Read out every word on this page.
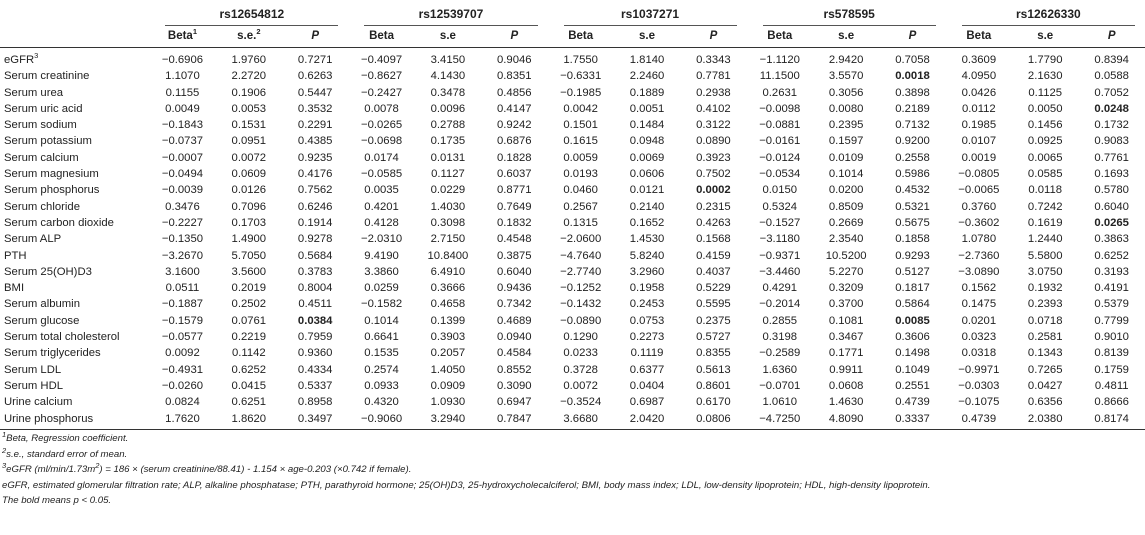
	rs12654812			rs12539707			rs1037271			rs578595			rs12626330		

	Beta$^1$	s.e.$^2$	P	Beta	s.e	P	Beta	s.e	P	Beta	s.e	P	Beta	s.e	P
eGFR$^3$	−0.6906	1.9760	0.7271	−0.4097	3.4150	0.9046	1.7550	1.8140	0.3343	−1.1120	2.9420	0.7058	0.3609	1.7790	0.8394
Serum creatinine	1.1070	2.2720	0.6263	−0.8627	4.1430	0.8351	−0.6331	2.2460	0.7781	11.1500	3.5570	0.0018	4.0950	2.1630	0.0588
Serum urea	0.1155	0.1906	0.5447	−0.2427	0.3478	0.4856	−0.1985	0.1889	0.2938	0.2631	0.3056	0.3898	0.0426	0.1125	0.7052
Serum uric acid	0.0049	0.0053	0.3532	0.0078	0.0096	0.4147	0.0042	0.0051	0.4102	−0.0098	0.0080	0.2189	0.0112	0.0050	0.0248
Serum sodium	−0.1843	0.1531	0.2291	−0.0265	0.2788	0.9242	0.1501	0.1484	0.3122	−0.0881	0.2395	0.7132	0.1985	0.1456	0.1732
Serum potassium	−0.0737	0.0951	0.4385	−0.0698	0.1735	0.6876	0.1615	0.0948	0.0890	−0.0161	0.1597	0.9200	0.0107	0.0925	0.9083
Serum calcium	−0.0007	0.0072	0.9235	0.0174	0.0131	0.1828	0.0059	0.0069	0.3923	−0.0124	0.0109	0.2558	0.0019	0.0065	0.7761
Serum magnesium	−0.0494	0.0609	0.4176	−0.0585	0.1127	0.6037	0.0193	0.0606	0.7502	−0.0534	0.1014	0.5986	−0.0805	0.0585	0.1693
Serum phosphorus	−0.0039	0.0126	0.7562	0.0035	0.0229	0.8771	0.0460	0.0121	0.0002	0.0150	0.0200	0.4532	−0.0065	0.0118	0.5780
Serum chloride	0.3476	0.7096	0.6246	0.4201	1.4030	0.7649	0.2567	0.2140	0.2315	0.5324	0.8509	0.5321	0.3760	0.7242	0.6040
Serum carbon dioxide	−0.2227	0.1703	0.1914	0.4128	0.3098	0.1832	0.1315	0.1652	0.4263	−0.1527	0.2669	0.5675	−0.3602	0.1619	0.0265
Serum ALP	−0.1350	1.4900	0.9278	−2.0310	2.7150	0.4548	−2.0600	1.4530	0.1568	−3.1180	2.3540	0.1858	1.0780	1.2440	0.3863
PTH	−3.2670	5.7050	0.5684	9.4190	10.8400	0.3875	−4.7640	5.8240	0.4159	−0.9371	10.5200	0.9293	−2.7360	5.5800	0.6252
Serum 25(OH)D3	3.1600	3.5600	0.3783	3.3860	6.4910	0.6040	−2.7740	3.2960	0.4037	−3.4460	5.2270	0.5127	−3.0890	3.0750	0.3193
BMI	0.0511	0.2019	0.8004	0.0259	0.3666	0.9436	−0.1252	0.1958	0.5229	0.4291	0.3209	0.1817	0.1562	0.1932	0.4191
Serum albumin	−0.1887	0.2502	0.4511	−0.1582	0.4658	0.7342	−0.1432	0.2453	0.5595	−0.2014	0.3700	0.5864	0.1475	0.2393	0.5379
Serum glucose	−0.1579	0.0761	0.0384	0.1014	0.1399	0.4689	−0.0890	0.0753	0.2375	0.2855	0.1081	0.0085	0.0201	0.0718	0.7799
Serum total cholesterol	−0.0577	0.2219	0.7959	0.6641	0.3903	0.0940	0.1290	0.2273	0.5727	0.3198	0.3467	0.3606	0.0323	0.2581	0.9010
Serum triglycerides	0.0092	0.1142	0.9360	0.1535	0.2057	0.4584	0.0233	0.1119	0.8355	−0.2589	0.1771	0.1498	0.0318	0.1343	0.8139
Serum LDL	−0.4931	0.6252	0.4334	0.2574	1.4050	0.8552	0.3728	0.6377	0.5613	1.6360	0.9911	0.1049	−0.9971	0.7265	0.1759
Serum HDL	−0.0260	0.0415	0.5337	0.0933	0.0909	0.3090	0.0072	0.0404	0.8601	−0.0701	0.0608	0.2551	−0.0303	0.0427	0.4811
Urine calcium	0.0824	0.6251	0.8958	0.4320	1.0930	0.6947	−0.3524	0.6987	0.6170	1.0610	1.4630	0.4739	−0.1075	0.6356	0.8666
Urine phosphorus	1.7620	1.8620	0.3497	−0.9060	3.2940	0.7847	3.6680	2.0420	0.0806	−4.7250	4.8090	0.3337	0.4739	2.0380	0.8174
$^1$Beta, Regression coefficient.
$^2$s.e., standard error of mean.
$^3$eGFR $(ml/\min/1.73m^2) = 186$ × (serum creatinine/88.41) - 1.154 × age-0.203 (×0.742 if female).
eGFR, estimated glomerular filtration rate; ALP, alkaline phosphatase; PTH, parathyroid hormone; 25(OH)D3, 25-hydroxycholecalciferol; BMI, body mass index; LDL, low-density lipoprotein; HDL, high-density lipoprotein.
The bold means p < 0.05.
